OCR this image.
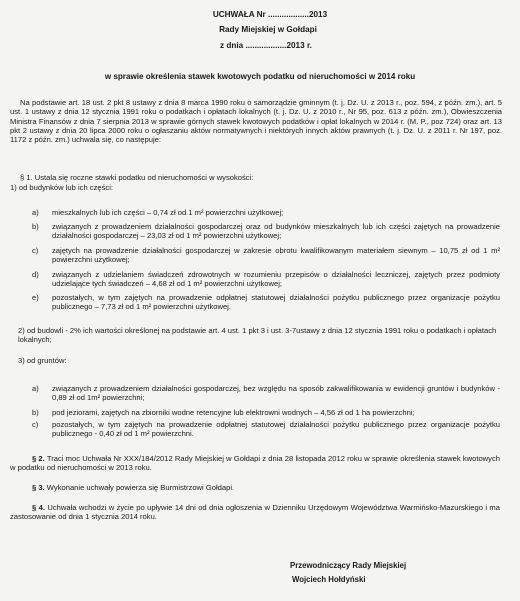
UCHWAŁA Nr ..................2013
Rady Miejskiej w Gołdapi
z dnia ..................2013 r.
w sprawie określenia stawek kwotowych podatku od nieruchomości w 2014 roku
Na podstawie art. 18 ust. 2 pkt 8 ustawy z dnia 8 marca 1990 roku o samorządzie gminnym (t. j. Dz. U. z 2013 r., poz. 594, z późn. zm.), art. 5 ust. 1 ustawy z dnia 12 stycznia 1991 roku o podatkach i opłatach lokalnych (t. j. Dz. U. z 2010 r., Nr 95, poz. 613 z późn. zm.), Obwieszczenia Ministra Finansów z dnia 7 sierpnia 2013 w sprawie górnych stawek kwotowych podatków i opłat lokalnych w 2014 r. (M. P., poz 724) oraz art. 13 pkt 2 ustawy z dnia 20 lipca 2000 roku o ogłaszaniu aktów normatywnych i niektórych innych aktów prawnych (t. j. Dz. U. z 2011 r. Nr 197, poz. 1172 z późn. zm.) uchwala się, co następuje:
§ 1. Ustala się roczne stawki podatku od nieruchomości w wysokości:
1) od budynków lub ich części:
a) mieszkalnych lub ich części – 0,74 zł od 1 m² powierzchni użytkowej;
b) związanych z prowadzeniem działalności gospodarczej oraz od budynków mieszkalnych lub ich części zajętych na prowadzenie działalności gospodarczej – 23,03 zł od 1 m² powierzchni użytkowej;
c) zajętych na prowadzenie działalności gospodarczej w zakresie obrotu kwalifikowanym materiałem siewnym – 10,75 zł od 1 m² powierzchni użytkowej;
d) związanych z udzielaniem świadczeń zdrowotnych w rozumieniu przepisów o działalności leczniczej, zajętych przez podmioty udzielające tych świadczeń – 4,68 zł od 1 m² powierzchni użytkowej;
e) pozostałych, w tym zajętych na prowadzenie odpłatnej statutowej działalności pożytku publicznego przez organizacje pożytku publicznego – 7,73 zł od 1 m² powierzchni użytkowej.
2) od budowli - 2% ich wartości określonej na podstawie art. 4 ust. 1 pkt 3 i ust. 3-7ustawy z dnia 12 stycznia 1991 roku o podatkach i opłatach lokalnych;
3) od gruntów:
a) związanych z prowadzeniem działalności gospodarczej, bez względu na sposób zakwalifikowania w ewidencji gruntów i budynków - 0,89 zł od 1m² powierzchni;
b) pod jeziorami, zajętych na zbiorniki wodne retencyjne lub elektrowni wodnych – 4,56 zł od 1 ha powierzchni;
c) pozostałych, w tym zajętych na prowadzenie odpłatnej statutowej działalności pożytku publicznego przez organizacje pożytku publicznego - 0,40 zł od 1 m² powierzchni.
§ 2. Traci moc Uchwała Nr XXX/184/2012 Rady Miejskiej w Gołdapi z dnia 28 listopada 2012 roku w sprawie określenia stawek kwotowych w podatku od nieruchomości w 2013 roku.
§ 3. Wykonanie uchwały powierza się Burmistrzowi Gołdapi.
§ 4. Uchwała wchodzi w życie po upływie 14 dni od dnia ogłoszenia w Dzienniku Urzędowym Województwa Warmińsko-Mazurskiego i ma zastosowanie od dnia 1 stycznia 2014 roku.
Przewodniczący Rady Miejskiej
Wojciech Hołdyński
